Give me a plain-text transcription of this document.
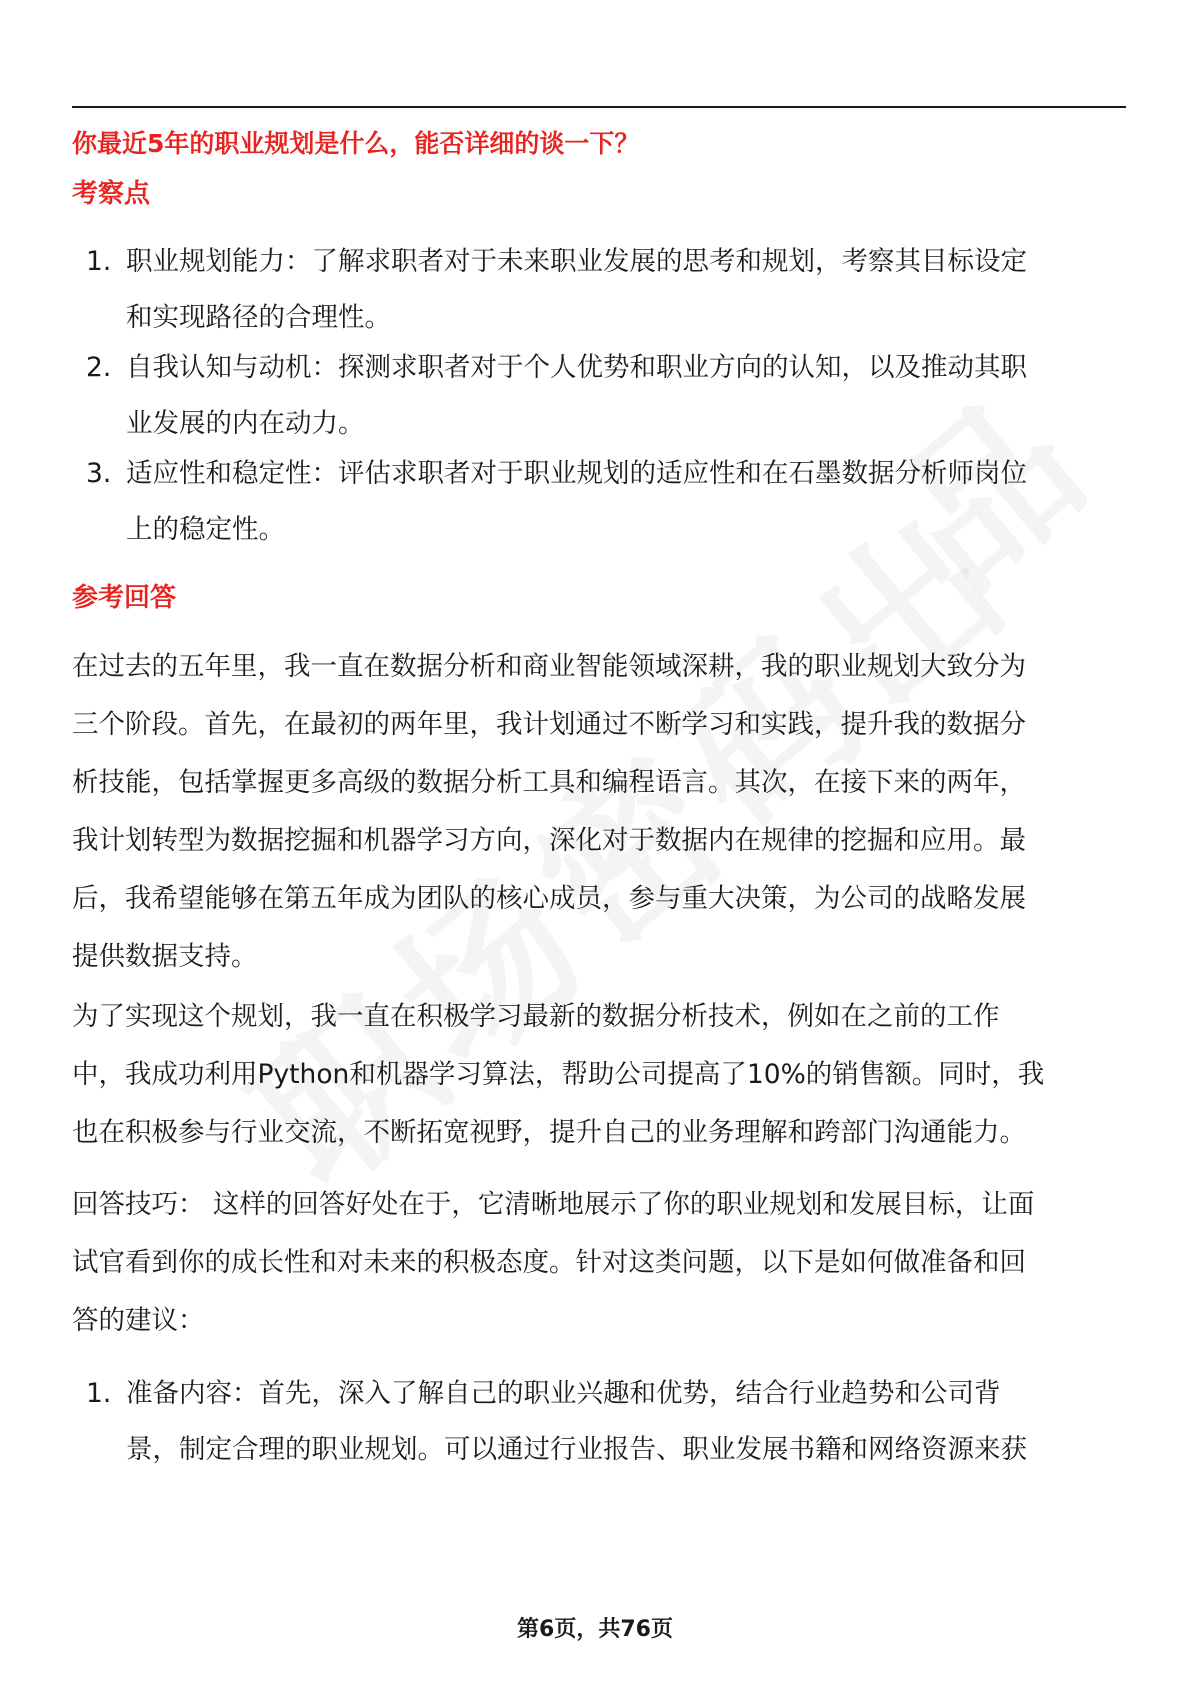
你最近5年的职业规划是什么，能否详细的谈一下？
考察点
1. 职业规划能力：了解求职者对于未来职业发展的思考和规划，考察其目标设定
和实现路径的合理性。
2. 自我认知与动机：探测求职者对于个人优势和职业方向的认知，以及推动其职
业发展的内在动力。
3. 适应性和稳定性：评估求职者对于职业规划的适应性和在石墨数据分析师岗位
上的稳定性。
参考回答
在过去的五年里，我一直在数据分析和商业智能领域深耕，我的职业规划大致分为
三个阶段。首先，在最初的两年里，我计划通过不断学习和实践，提升我的数据分
析技能，包括掌握更多高级的数据分析工具和编程语言。其次，在接下来的两年，
我计划转型为数据挖掘和机器学习方向，深化对于数据内在规律的挖掘和应用。最
后，我希望能够在第五年成为团队的核心成员，参与重大决策，为公司的战略发展
提供数据支持。
为了实现这个规划，我一直在积极学习最新的数据分析技术，例如在之前的工作
中，我成功利用Python和机器学习算法，帮助公司提高了10%的销售额。同时，我
也在积极参与行业交流，不断拓宽视野，提升自己的业务理解和跨部门沟通能力。
回答技巧： 这样的回答好处在于，它清晰地展示了你的职业规划和发展目标，让面
试官看到你的成长性和对未来的积极态度。针对这类问题，以下是如何做准备和回
答的建议：
1. 准备内容：首先，深入了解自己的职业兴趣和优势，结合行业趋势和公司背
景，制定合理的职业规划。可以通过行业报告、职业发展书籍和网络资源来获
第6页，共76页
